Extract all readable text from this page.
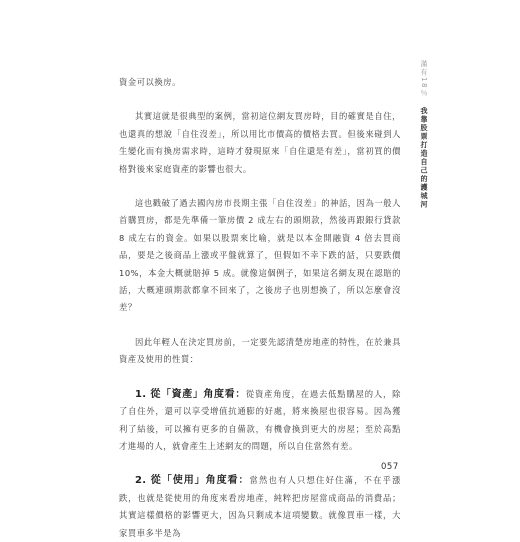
滿有18％ 我靠股票打造自己的護城河

資金可以換房。

其實這就是很典型的案例，當初這位網友買房時，目的確實是自住，也還真的想說「自住沒差」，所以用比市價高的價格去買。但後來碰到人生變化而有換房需求時，這時才發現原來「自住還是有差」，當初買的價格對後來家庭資產的影響也很大。

這也戳破了過去國內房市長期主張「自住沒差」的神話，因為一般人首購買房，都是先準備一筆房價 2 成左右的頭期款，然後再跟銀行貸款 8 成左右的資金。如果以股票來比喻，就是以本金開融資 4 倍去買商品，要是之後商品上漲或平盤就算了，但假如不幸下跌的話，只要跌價 10%，本金大概就賠掉 5 成。就像這個例子，如果這名網友現在認賠的話，大概連頭期款都拿不回來了，之後房子也別想換了，所以怎麼會沒差？

因此年輕人在決定買房前，一定要先認清楚房地產的特性，在於兼具資產及使用的性質：

1. 從「資產」角度看：從資產角度，在過去低點購屋的人，除了自住外，還可以享受增值抗通膨的好處，將來換屋也很容易。因為獲利了結後，可以擁有更多的自備款，有機會換到更大的房屋；至於高點才進場的人，就會產生上述網友的問題，所以自住當然有差。

2. 從「使用」角度看：當然也有人只想住好住滿，不在乎漲跌，也就是從使用的角度來看房地產，純粹把房屋當成商品的消費品；其實這樣價格的影響更大，因為只剩成本這項變數。就像買車一樣，大家買車多半是為

057
